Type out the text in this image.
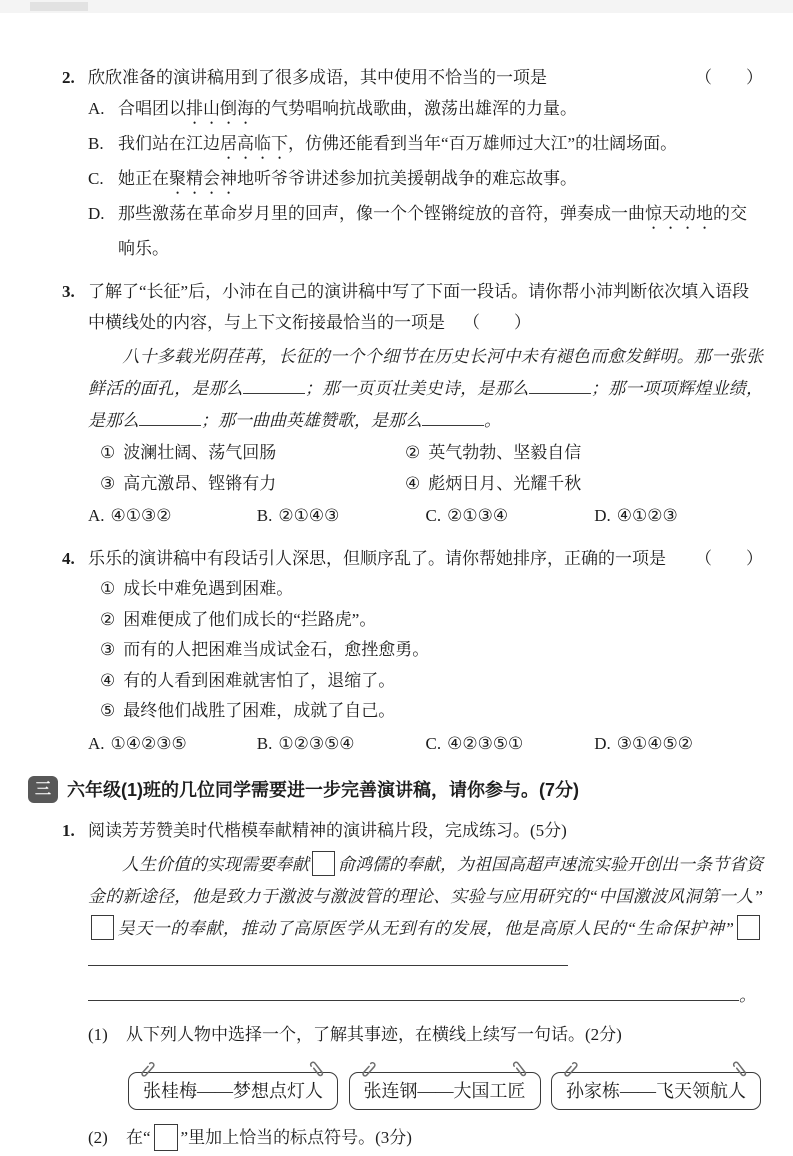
2. 欣欣准备的演讲稿用到了很多成语，其中使用不恰当的一项是	（　　）
A. 合唱团以排山倒海的气势唱响抗战歌曲，激荡出雄浑的力量。
B. 我们站在江边居高临下，仿佛还能看到当年“百万雄师过大江”的壮阔场面。
C. 她正在聚精会神地听爷爷讲述参加抗美援朝战争的难忘故事。
D. 那些激荡在革命岁月里的回声，像一个个铿锵绽放的音符，弹奏成一曲惊天动地的交响乐。
3. 了解了“长征”后，小沛在自己的演讲稿中写了下面一段话。请你帮小沛判断依次填入语段中横线处的内容，与上下文衔接最恰当的一项是 （　　）
八十多载光阴荏苒，长征的一个个细节在历史长河中未有褪色而愈发鲜明。那一张张鲜活的面孔，是那么	；那一页页壮美史诗，是那么	；那一项项辉煌业绩，是那么	；那一曲曲英雄赞歌，是那么	。
① 波澜壮阔、荡气回肠	② 英气勃勃、坚毅自信
③ 高亢激昂、铿锵有力	④ 彪炳日月、光耀千秋
A. ④①③②	B. ②①④③	C. ②①③④	D. ④①②③
4. 乐乐的演讲稿中有段话引人深思，但顺序乱了。请你帮她排序，正确的一项是	（　　）
① 成长中难免遇到困难。
② 困难便成了他们成长的“拦路虎”。
③ 而有的人把困难当成试金石，愈挫愈勇。
④ 有的人看到困难就害怕了，退缩了。
⑤ 最终他们战胜了困难，成就了自己。
A. ①④②③⑤	B. ①②③⑤④	C. ④②③⑤①	D. ③①④⑤②
三 六年级(1)班的几位同学需要进一步完善演讲稿，请你参与。(7分)
1. 阅读芳芳赞美时代楷模奉献精神的演讲稿片段，完成练习。(5分)
人生价值的实现需要奉献 俞鸿儒的奉献，为祖国高超声速流实验开创出一条节省资金的新途径，他是致力于激波与激波管的理论、实验与应用研究的“中国激波风洞第一人”吴天一的奉献，推动了高原医学从无到有的发展，他是高原人民的“生命保护神”
。
(1)	从下列人物中选择一个，了解其事迹，在横线上续写一句话。(2分)
张桂梅——梦想点灯人	张连钢——大国工匠	孙家栋——飞天领航人
(2)	在“ ”里加上恰当的标点符号。(3分)
